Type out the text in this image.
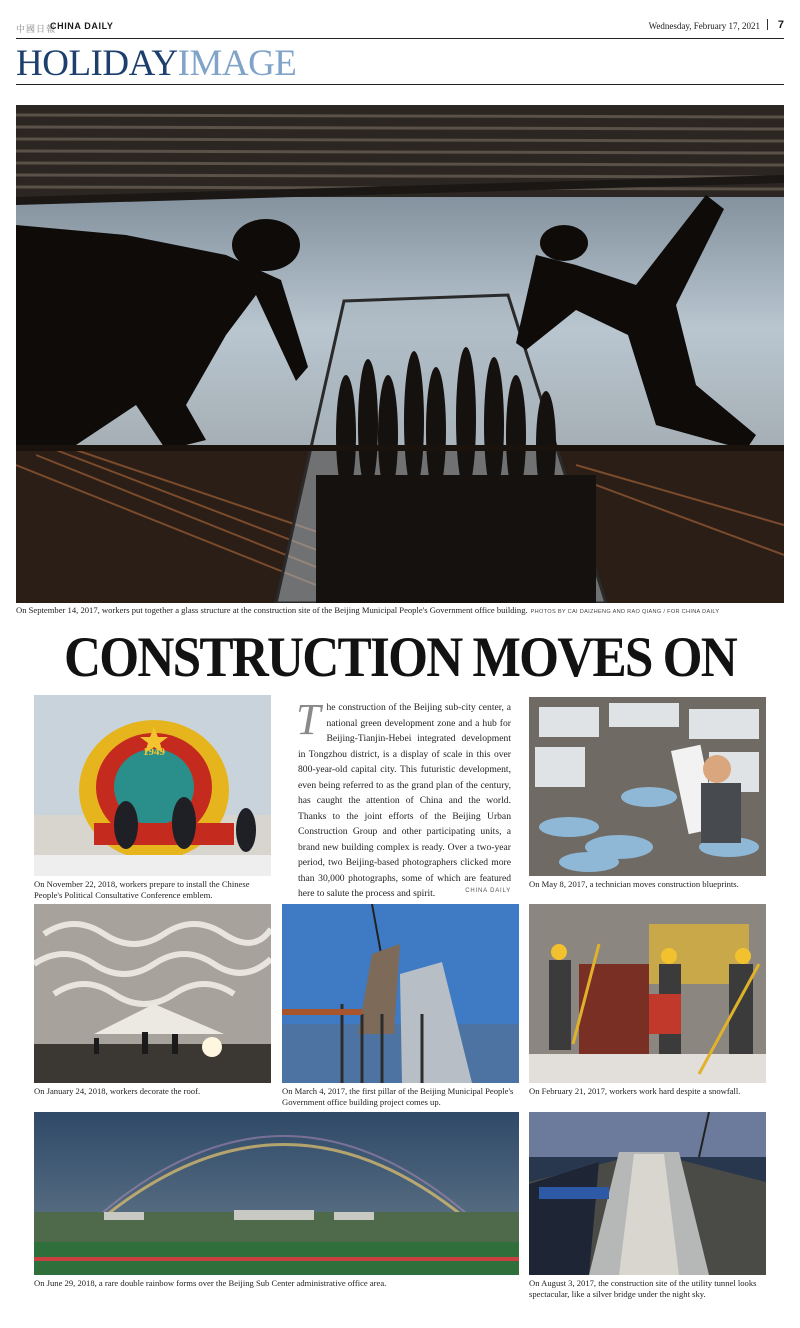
中國日報
CHINA DAILY	Wednesday, February 17, 2021 7
HOLIDAYIMAGE
On September 14, 2017, workers put together a glass structure at the construction site of the Beijing Municipal People's Government office building. PHOTOS BY CAI DAIZHENG AND RAO QIANG / FOR CHINA DAILY
CONSTRUCTION MOVES ON
1949
On November 22, 2018, workers prepare to install the Chinese People's Political Consultative Conference emblem.
The construction of the Beijing sub-city center, a national green development zone and a hub for Beijing-Tianjin-Hebei integrated development in Tongzhou district, is a display of scale in this over 800-year-old capital city. This futuristic development, even being referred to as the grand plan of the century, has caught the attention of China and the world. Thanks to the joint efforts of the Beijing Urban Construction Group and other participating units, a brand new building complex is ready. Over a two-year period, two Beijing-based photographers clicked more than 30,000 photographs, some of which are featured here to salute the process and spirit.	CHINA DAILY
On May 8, 2017, a technician moves construction blueprints.
On January 24, 2018, workers decorate the roof.	On March 4, 2017, the first pillar of the Beijing Municipal People's Government office building project comes up.
On February 21, 2017, workers work hard despite a snowfall.
On June 29, 2018, a rare double rainbow forms over the Beijing Sub Center administrative office area.	On August 3, 2017, the construction site of the utility tunnel looks spectacular, like a silver bridge under the night sky.
